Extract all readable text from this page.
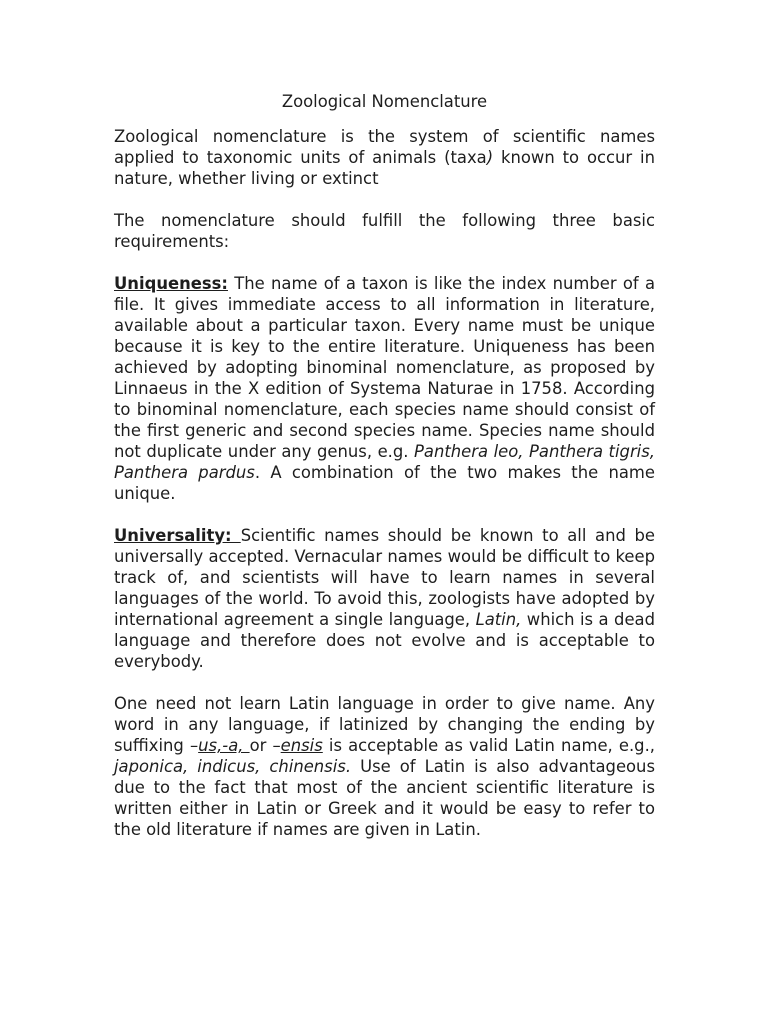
Zoological Nomenclature

Zoological nomenclature is the system of scientific names applied to taxonomic units of animals (taxa) known to occur in nature, whether living or extinct

The nomenclature should fulfill the following three basic requirements:

Uniqueness: The name of a taxon is like the index number of a file. It gives immediate access to all information in literature, available about a particular taxon. Every name must be unique because it is key to the entire literature. Uniqueness has been achieved by adopting binominal nomenclature, as proposed by Linnaeus in the X edition of Systema Naturae in 1758. According to binominal nomenclature, each species name should consist of the first generic and second species name. Species name should not duplicate under any genus, e.g. Panthera leo, Panthera tigris, Panthera pardus. A combination of the two makes the name unique.

Universality: Scientific names should be known to all and be universally accepted. Vernacular names would be difficult to keep track of, and scientists will have to learn names in several languages of the world. To avoid this, zoologists have adopted by international agreement a single language, Latin, which is a dead language and therefore does not evolve and is acceptable to everybody.

One need not learn Latin language in order to give name. Any word in any language, if latinized by changing the ending by suffixing –us,-a, or –ensis is acceptable as valid Latin name, e.g., japonica, indicus, chinensis. Use of Latin is also advantageous due to the fact that most of the ancient scientific literature is written either in Latin or Greek and it would be easy to refer to the old literature if names are given in Latin.
